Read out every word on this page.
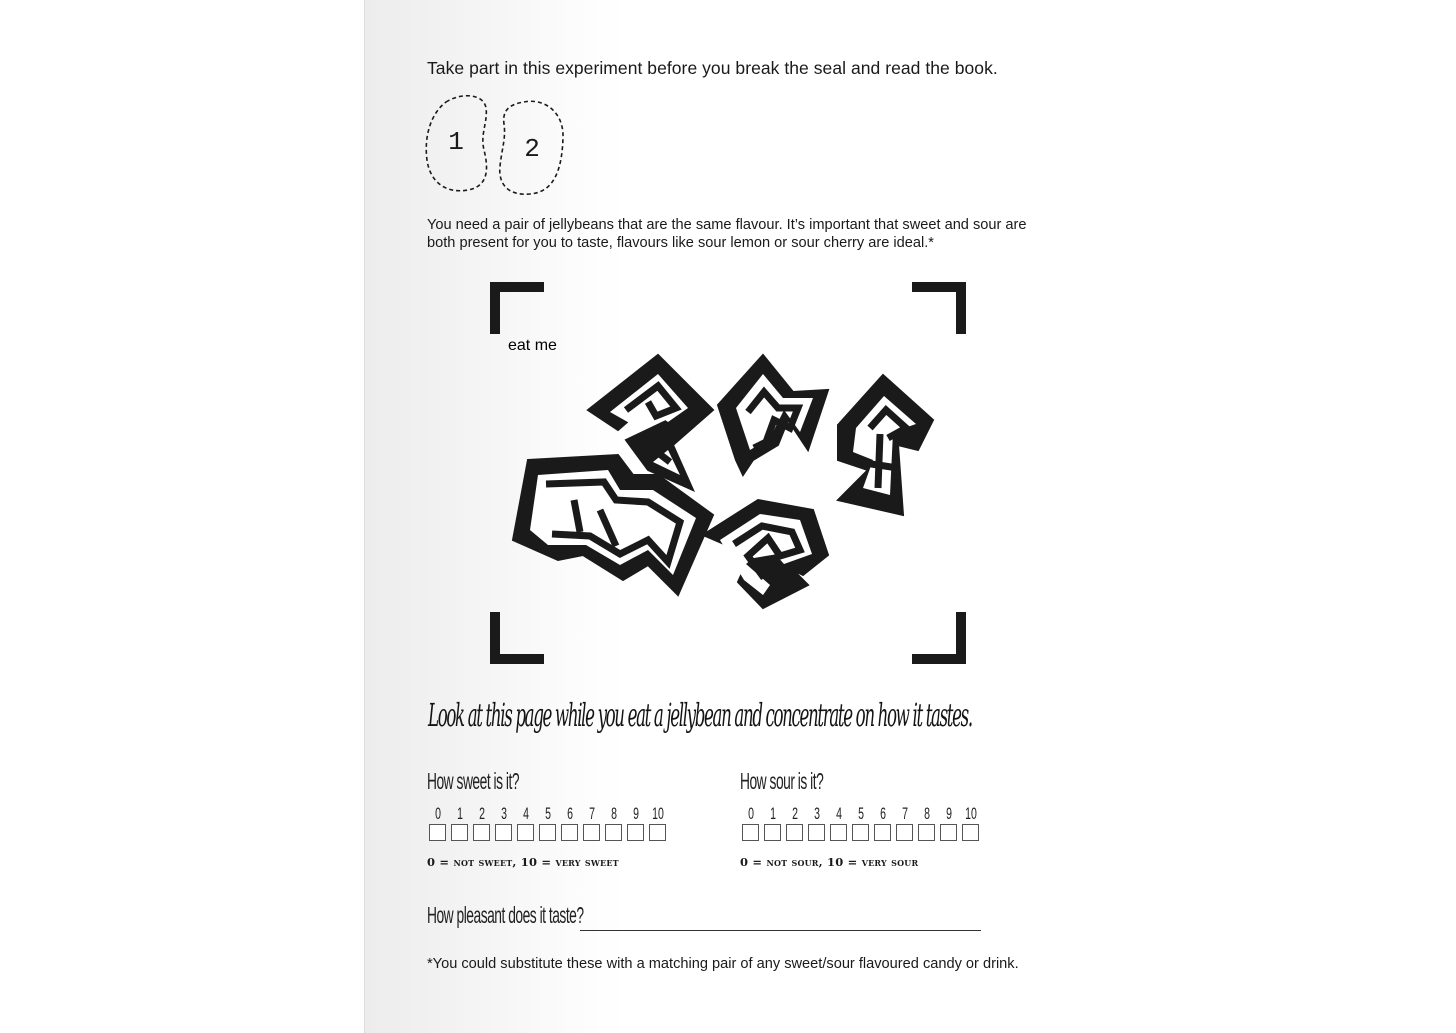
Take part in this experiment before you break the seal and read the book.

1 2

You need a pair of jellybeans that are the same flavour. It’s important that sweet and sour are both present for you to taste, flavours like sour lemon or sour cherry are ideal.*

eat me
Look at this page while you eat a jellybean and concentrate on how it tastes.
How sweet is it?
0 1 2 3 4 5 6 7 8 9 10

0 = not sweet, 10 = very sweet

How sour is it?
0 1 2 3 4 5 6 7 8 9 10

0 = not sour, 10 = very sour

How pleasant does it taste?

*You could substitute these with a matching pair of any sweet/sour flavoured candy or drink.
